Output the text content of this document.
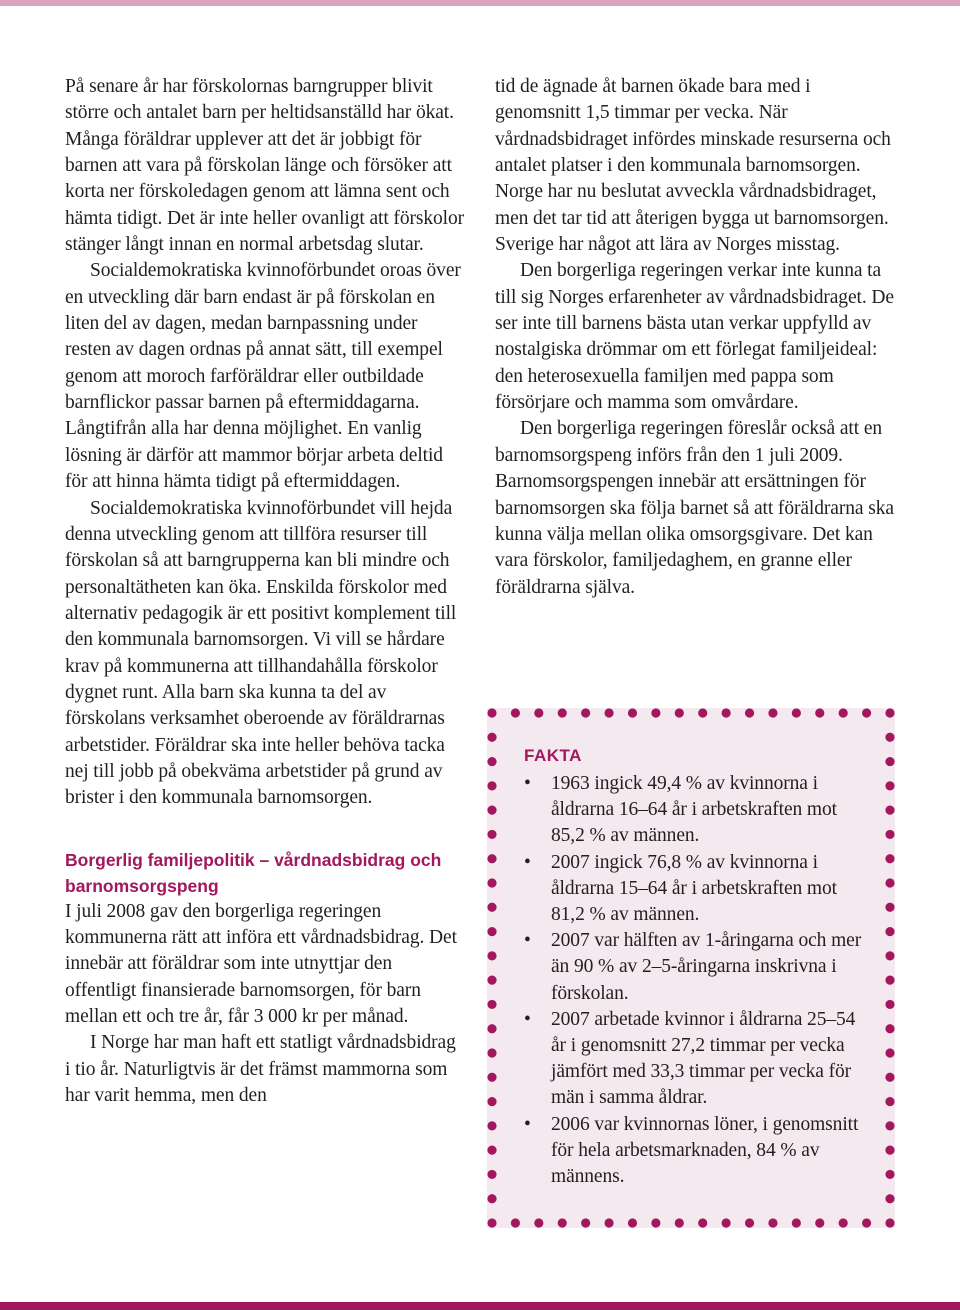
På senare år har förskolornas barngrupper blivit större och antalet barn per heltidsanställd har ökat. Många föräldrar upplever att det är jobbigt för barnen att vara på förskolan länge och försöker att korta ner förskoledagen genom att lämna sent och hämta tidigt. Det är inte heller ovanligt att förskolor stänger långt innan en normal arbetsdag slutar.

Socialdemokratiska kvinnoförbundet oroas över en utveckling där barn endast är på förskolan en liten del av dagen, medan barnpassning under resten av dagen ordnas på annat sätt, till exempel genom att moroch farföräldrar eller outbildade barnflickor passar barnen på eftermiddagarna. Långtifrån alla har denna möjlighet. En vanlig lösning är därför att mammor börjar arbeta deltid för att hinna hämta tidigt på eftermiddagen.

Socialdemokratiska kvinnoförbundet vill hejda denna utveckling genom att tillföra resurser till förskolan så att barngrupperna kan bli mindre och personaltätheten kan öka. Enskilda förskolor med alternativ pedagogik är ett positivt komplement till den kommunala barnomsorgen. Vi vill se hårdare krav på kommunerna att tillhandahålla förskolor dygnet runt. Alla barn ska kunna ta del av förskolans verksamhet oberoende av föräldrarnas arbetstider. Föräldrar ska inte heller behöva tacka nej till jobb på obekväma arbetstider på grund av brister i den kommunala barnomsorgen.

Borgerlig familjepolitik – vårdnadsbidrag och barnomsorgspeng

I juli 2008 gav den borgerliga regeringen kommunerna rätt att införa ett vårdnadsbidrag. Det innebär att föräldrar som inte utnyttjar den offentligt finansierade barnomsorgen, för barn mellan ett och tre år, får 3 000 kr per månad.

I Norge har man haft ett statligt vårdnadsbidrag i tio år. Naturligtvis är det främst mammorna som har varit hemma, men den

tid de ägnade åt barnen ökade bara med i genomsnitt 1,5 timmar per vecka. När vårdnadsbidraget infördes minskade resurserna och antalet platser i den kommunala barnomsorgen. Norge har nu beslutat avveckla vårdnadsbidraget, men det tar tid att återigen bygga ut barnomsorgen. Sverige har något att lära av Norges misstag.

Den borgerliga regeringen verkar inte kunna ta till sig Norges erfarenheter av vårdnadsbidraget. De ser inte till barnens bästa utan verkar uppfylld av nostalgiska drömmar om ett förlegat familjeideal: den heterosexuella familjen med pappa som försörjare och mamma som omvårdare.

Den borgerliga regeringen föreslår också att en barnomsorgspeng införs från den 1 juli 2009. Barnomsorgspengen innebär att ersättningen för barnomsorgen ska följa barnet så att föräldrarna ska kunna välja mellan olika omsorgsgivare. Det kan vara förskolor, familjedaghem, en granne eller föräldrarna själva.

FAKTA
• 1963 ingick 49,4 % av kvinnorna i åldrarna 16–64 år i arbetskraften mot 85,2 % av männen.
• 2007 ingick 76,8 % av kvinnorna i åldrarna 15–64 år i arbetskraften mot 81,2 % av männen.
• 2007 var hälften av 1-åringarna och mer än 90 % av 2–5-åringarna inskrivna i förskolan.
• 2007 arbetade kvinnor i åldrarna 25–54 år i genomsnitt 27,2 timmar per vecka jämfört med 33,3 timmar per vecka för män i samma åldrar.
• 2006 var kvinnornas löner, i genomsnitt för hela arbetsmarknaden, 84 % av männens.
